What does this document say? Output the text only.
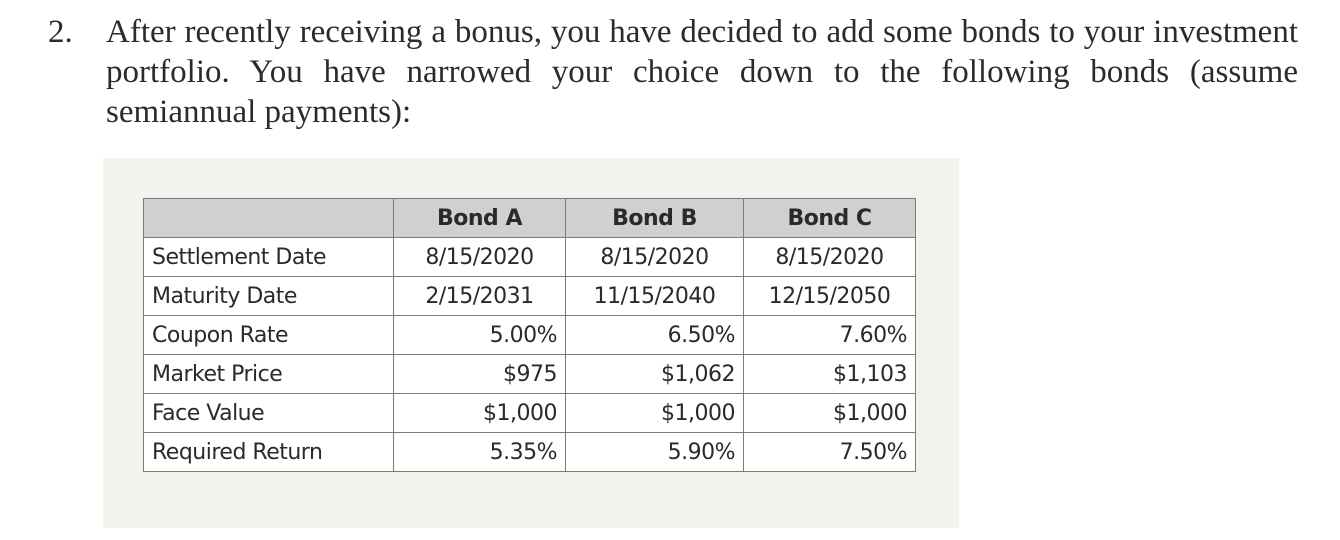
2. After recently receiving a bonus, you have decided to add some bonds to your investment portfolio. You have narrowed your choice down to the following bonds (assume semiannual payments):
	Bond A	Bond B	Bond C
Settlement Date	8/15/2020	8/15/2020	8/15/2020
Maturity Date	2/15/2031	11/15/2040	12/15/2050
Coupon Rate	5.00%	6.50%	7.60%
Market Price	$975	$1,062	$1,103
Face Value	$1,000	$1,000	$1,000
Required Return	5.35%	5.90%	7.50%
